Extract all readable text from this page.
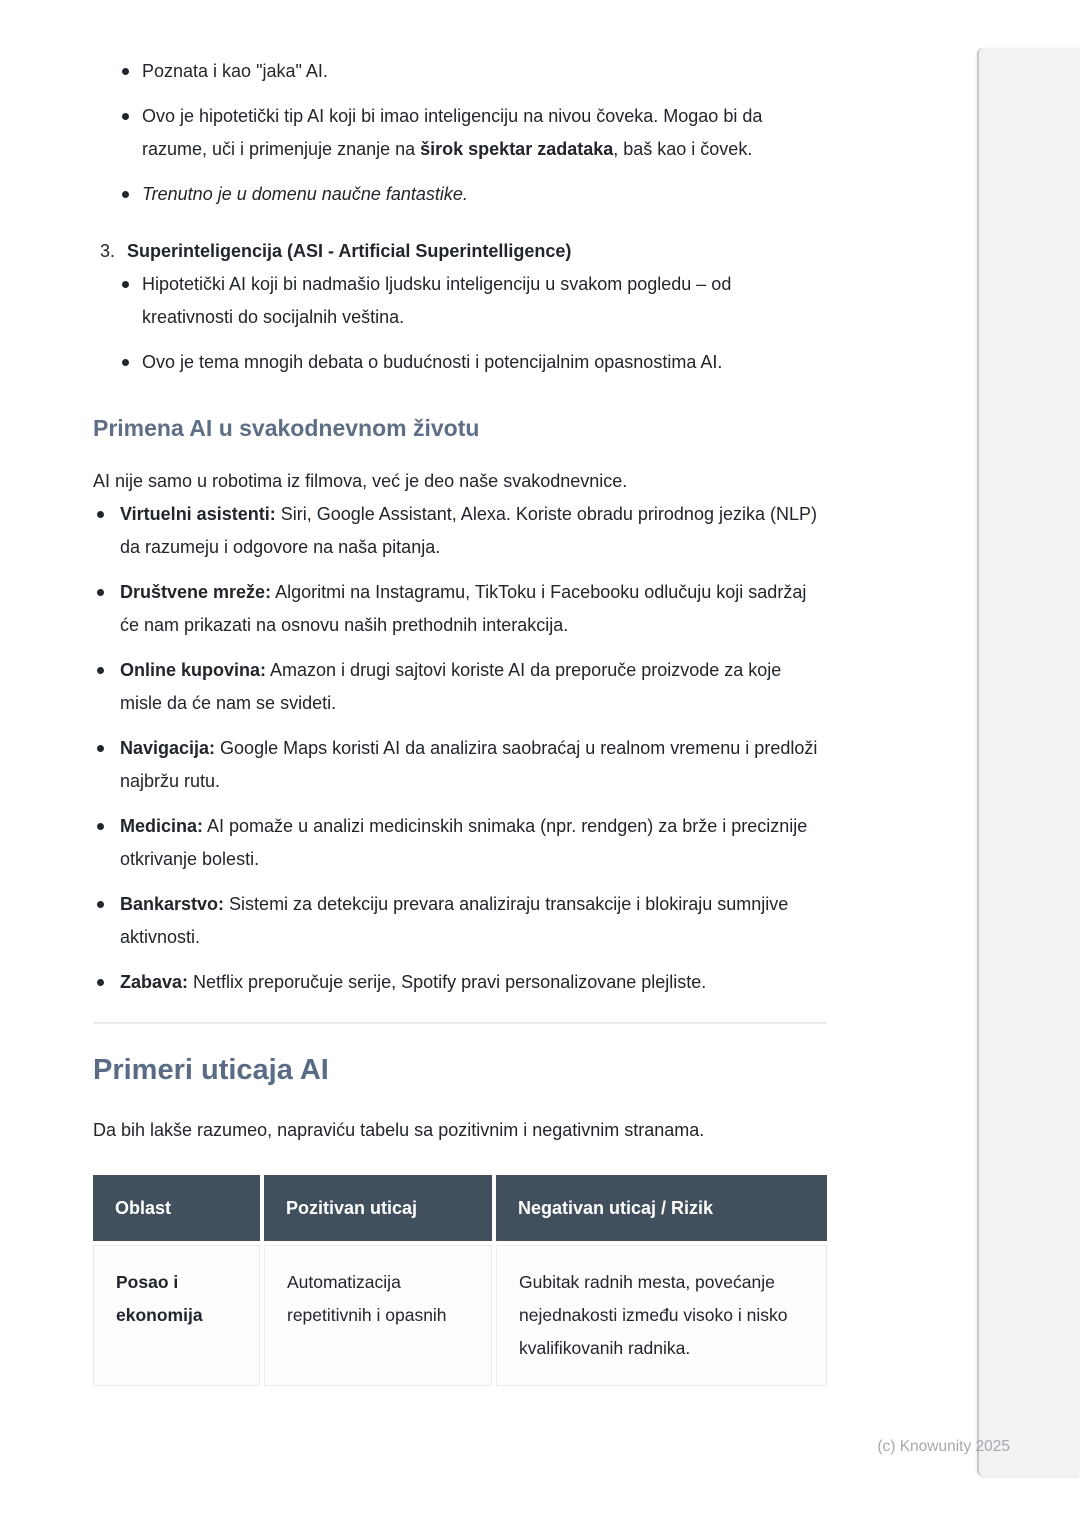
Poznata i kao "jaka" AI.
Ovo je hipotetički tip AI koji bi imao inteligenciju na nivou čoveka. Mogao bi da razume, uči i primenjuje znanje na širok spektar zadataka, baš kao i čovek.
Trenutno je u domenu naučne fantastike.
3. Superinteligencija (ASI - Artificial Superintelligence)
Hipotetički AI koji bi nadmašio ljudsku inteligenciju u svakom pogledu – od kreativnosti do socijalnih veština.
Ovo je tema mnogih debata o budućnosti i potencijalnim opasnostima AI.
Primena AI u svakodnevnom životu

AI nije samo u robotima iz filmova, već je deo naše svakodnevnice.

Virtuelni asistenti: Siri, Google Assistant, Alexa. Koriste obradu prirodnog jezika (NLP) da razumeju i odgovore na naša pitanja.
Društvene mreže: Algoritmi na Instagramu, TikToku i Facebooku odlučuju koji sadržaj će nam prikazati na osnovu naših prethodnih interakcija.
Online kupovina: Amazon i drugi sajtovi koriste AI da preporuče proizvode za koje misle da će nam se svideti.
Navigacija: Google Maps koristi AI da analizira saobraćaj u realnom vremenu i predloži najbržu rutu.
Medicina: AI pomaže u analizi medicinskih snimaka (npr. rendgen) za brže i preciznije otkrivanje bolesti.
Bankarstvo: Sistemi za detekciju prevara analiziraju transakcije i blokiraju sumnjive aktivnosti.
Zabava: Netflix preporučuje serije, Spotify pravi personalizovane plejliste.
Primeri uticaja AI

Da bih lakše razumeo, napraviću tabelu sa pozitivnim i negativnim stranama.

Oblast	Pozitivan uticaj	Negativan uticaj / Rizik
Posao i ekonomija
Automatizacija repetitivnih i opasnih
Gubitak radnih mesta, povećanje nejednakosti između visoko i nisko kvalifikovanih radnika.
(c) Knowunity 2025
